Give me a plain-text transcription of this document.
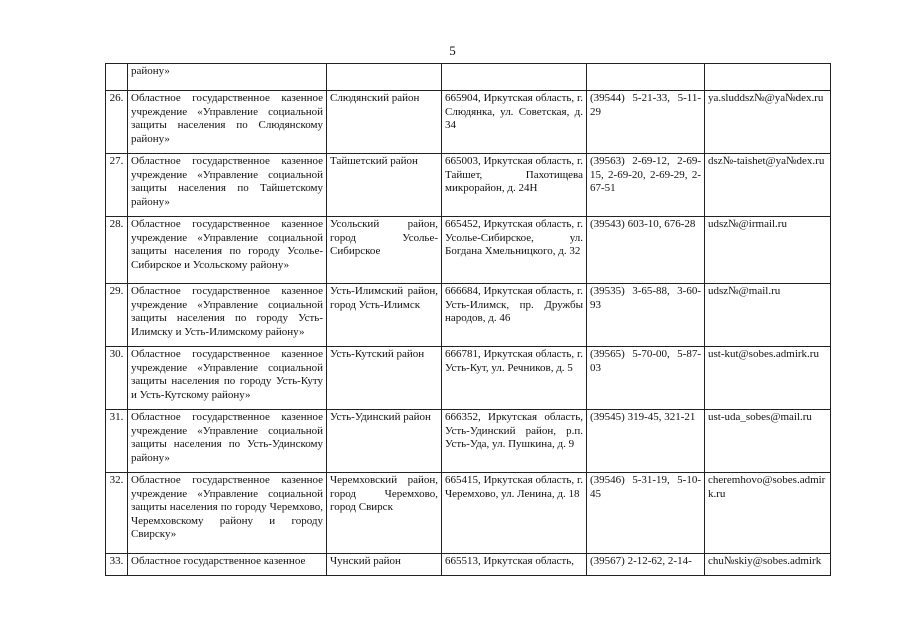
5
	району»				
26.	Областное государственное казенное учреждение «Управление социальной защиты населения по Слюдянскому району»	Слюдянский район	665904, Иркутская область, г. Слюдянка, ул. Советская, д. 34	(39544) 5-21-33, 5-11-29	ya.sluddsz№@ya№dex.ru
27.	Областное государственное казенное учреждение «Управление социальной защиты населения по Тайшетскому району»	Тайшетский район	665003, Иркутская область, г. Тайшет, Пахотищева микрорайон, д. 24Н	(39563) 2-69-12, 2-69-15, 2-69-20, 2-69-29, 2-67-51	dsz№-taishet@ya№dex.ru
28.	Областное государственное казенное учреждение «Управление социальной защиты населения по городу Усолье-Сибирское и Усольскому району»	Усольский район, город Усолье-Сибирское	665452, Иркутская область, г. Усолье-Сибирское, ул. Богдана Хмельницкого, д. 32	(39543) 603-10, 676-28	udsz№@irmail.ru
29.	Областное государственное казенное учреждение «Управление социальной защиты населения по городу Усть-Илимску и Усть-Илимскому району»	Усть-Илимский район, город Усть-Илимск	666684, Иркутская область, г. Усть-Илимск, пр. Дружбы народов, д. 46	(39535) 3-65-88, 3-60-93	udsz№@mail.ru
30.	Областное государственное казенное учреждение «Управление социальной защиты населения по городу Усть-Куту и Усть-Кутскому району»	Усть-Кутский район	666781, Иркутская область, г. Усть-Кут, ул. Речников, д. 5	(39565) 5-70-00, 5-87-03	ust-kut@sobes.admirk.ru
31.	Областное государственное казенное учреждение «Управление социальной защиты населения по Усть-Удинскому району»	Усть-Удинский район	666352, Иркутская область, Усть-Удинский район, р.п. Усть-Уда, ул. Пушкина, д. 9	(39545) 319-45, 321-21	ust-uda_sobes@mail.ru
32.	Областное государственное казенное учреждение «Управление социальной защиты населения по городу Черемхово, Черемховскому району и городу Свирску»	Черемховский район, город Черемхово, город Свирск	665415, Иркутская область, г. Черемхово, ул. Ленина, д. 18	(39546) 5-31-19, 5-10-45	cheremhovo@sobes.admirk.ru
33.	Областное государственное казенное	Чунский район	665513, Иркутская область,	(39567) 2-12-62, 2-14-	chu№skiy@sobes.admirk
